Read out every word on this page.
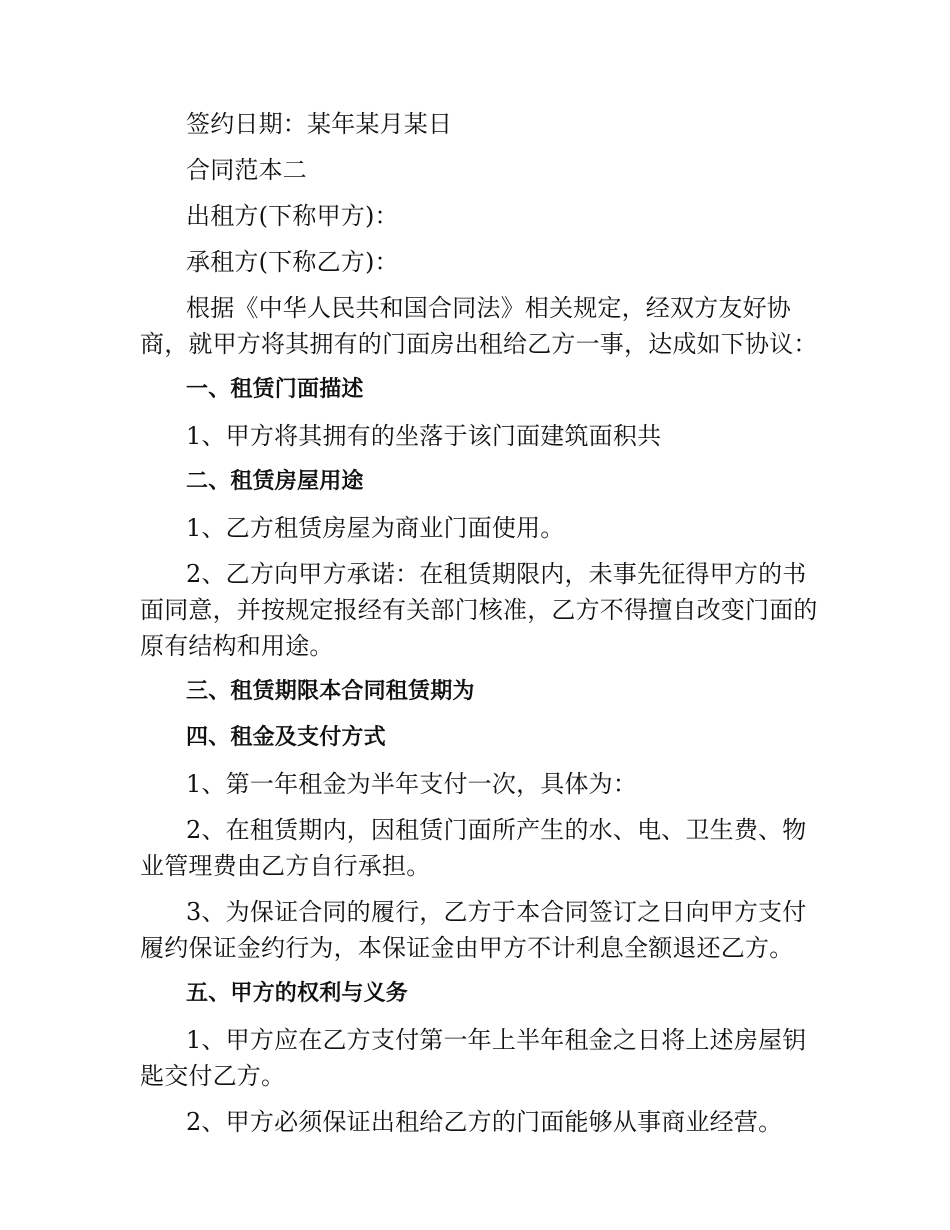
签约日期：某年某月某日

合同范本二

出租方(下称甲方)：

承租方(下称乙方)：

根据《中华人民共和国合同法》相关规定，经双方友好协商，就甲方将其拥有的门面房出租给乙方一事，达成如下协议：

一、租赁门面描述

1、甲方将其拥有的坐落于该门面建筑面积共

二、租赁房屋用途

1、乙方租赁房屋为商业门面使用。

2、乙方向甲方承诺：在租赁期限内，未事先征得甲方的书面同意，并按规定报经有关部门核准，乙方不得擅自改变门面的原有结构和用途。

三、租赁期限本合同租赁期为

四、租金及支付方式

1、第一年租金为半年支付一次，具体为：

2、在租赁期内，因租赁门面所产生的水、电、卫生费、物业管理费由乙方自行承担。

3、为保证合同的履行，乙方于本合同签订之日向甲方支付履约保证金约行为，本保证金由甲方不计利息全额退还乙方。

五、甲方的权利与义务

1、甲方应在乙方支付第一年上半年租金之日将上述房屋钥匙交付乙方。

2、甲方必须保证出租给乙方的门面能够从事商业经营。
